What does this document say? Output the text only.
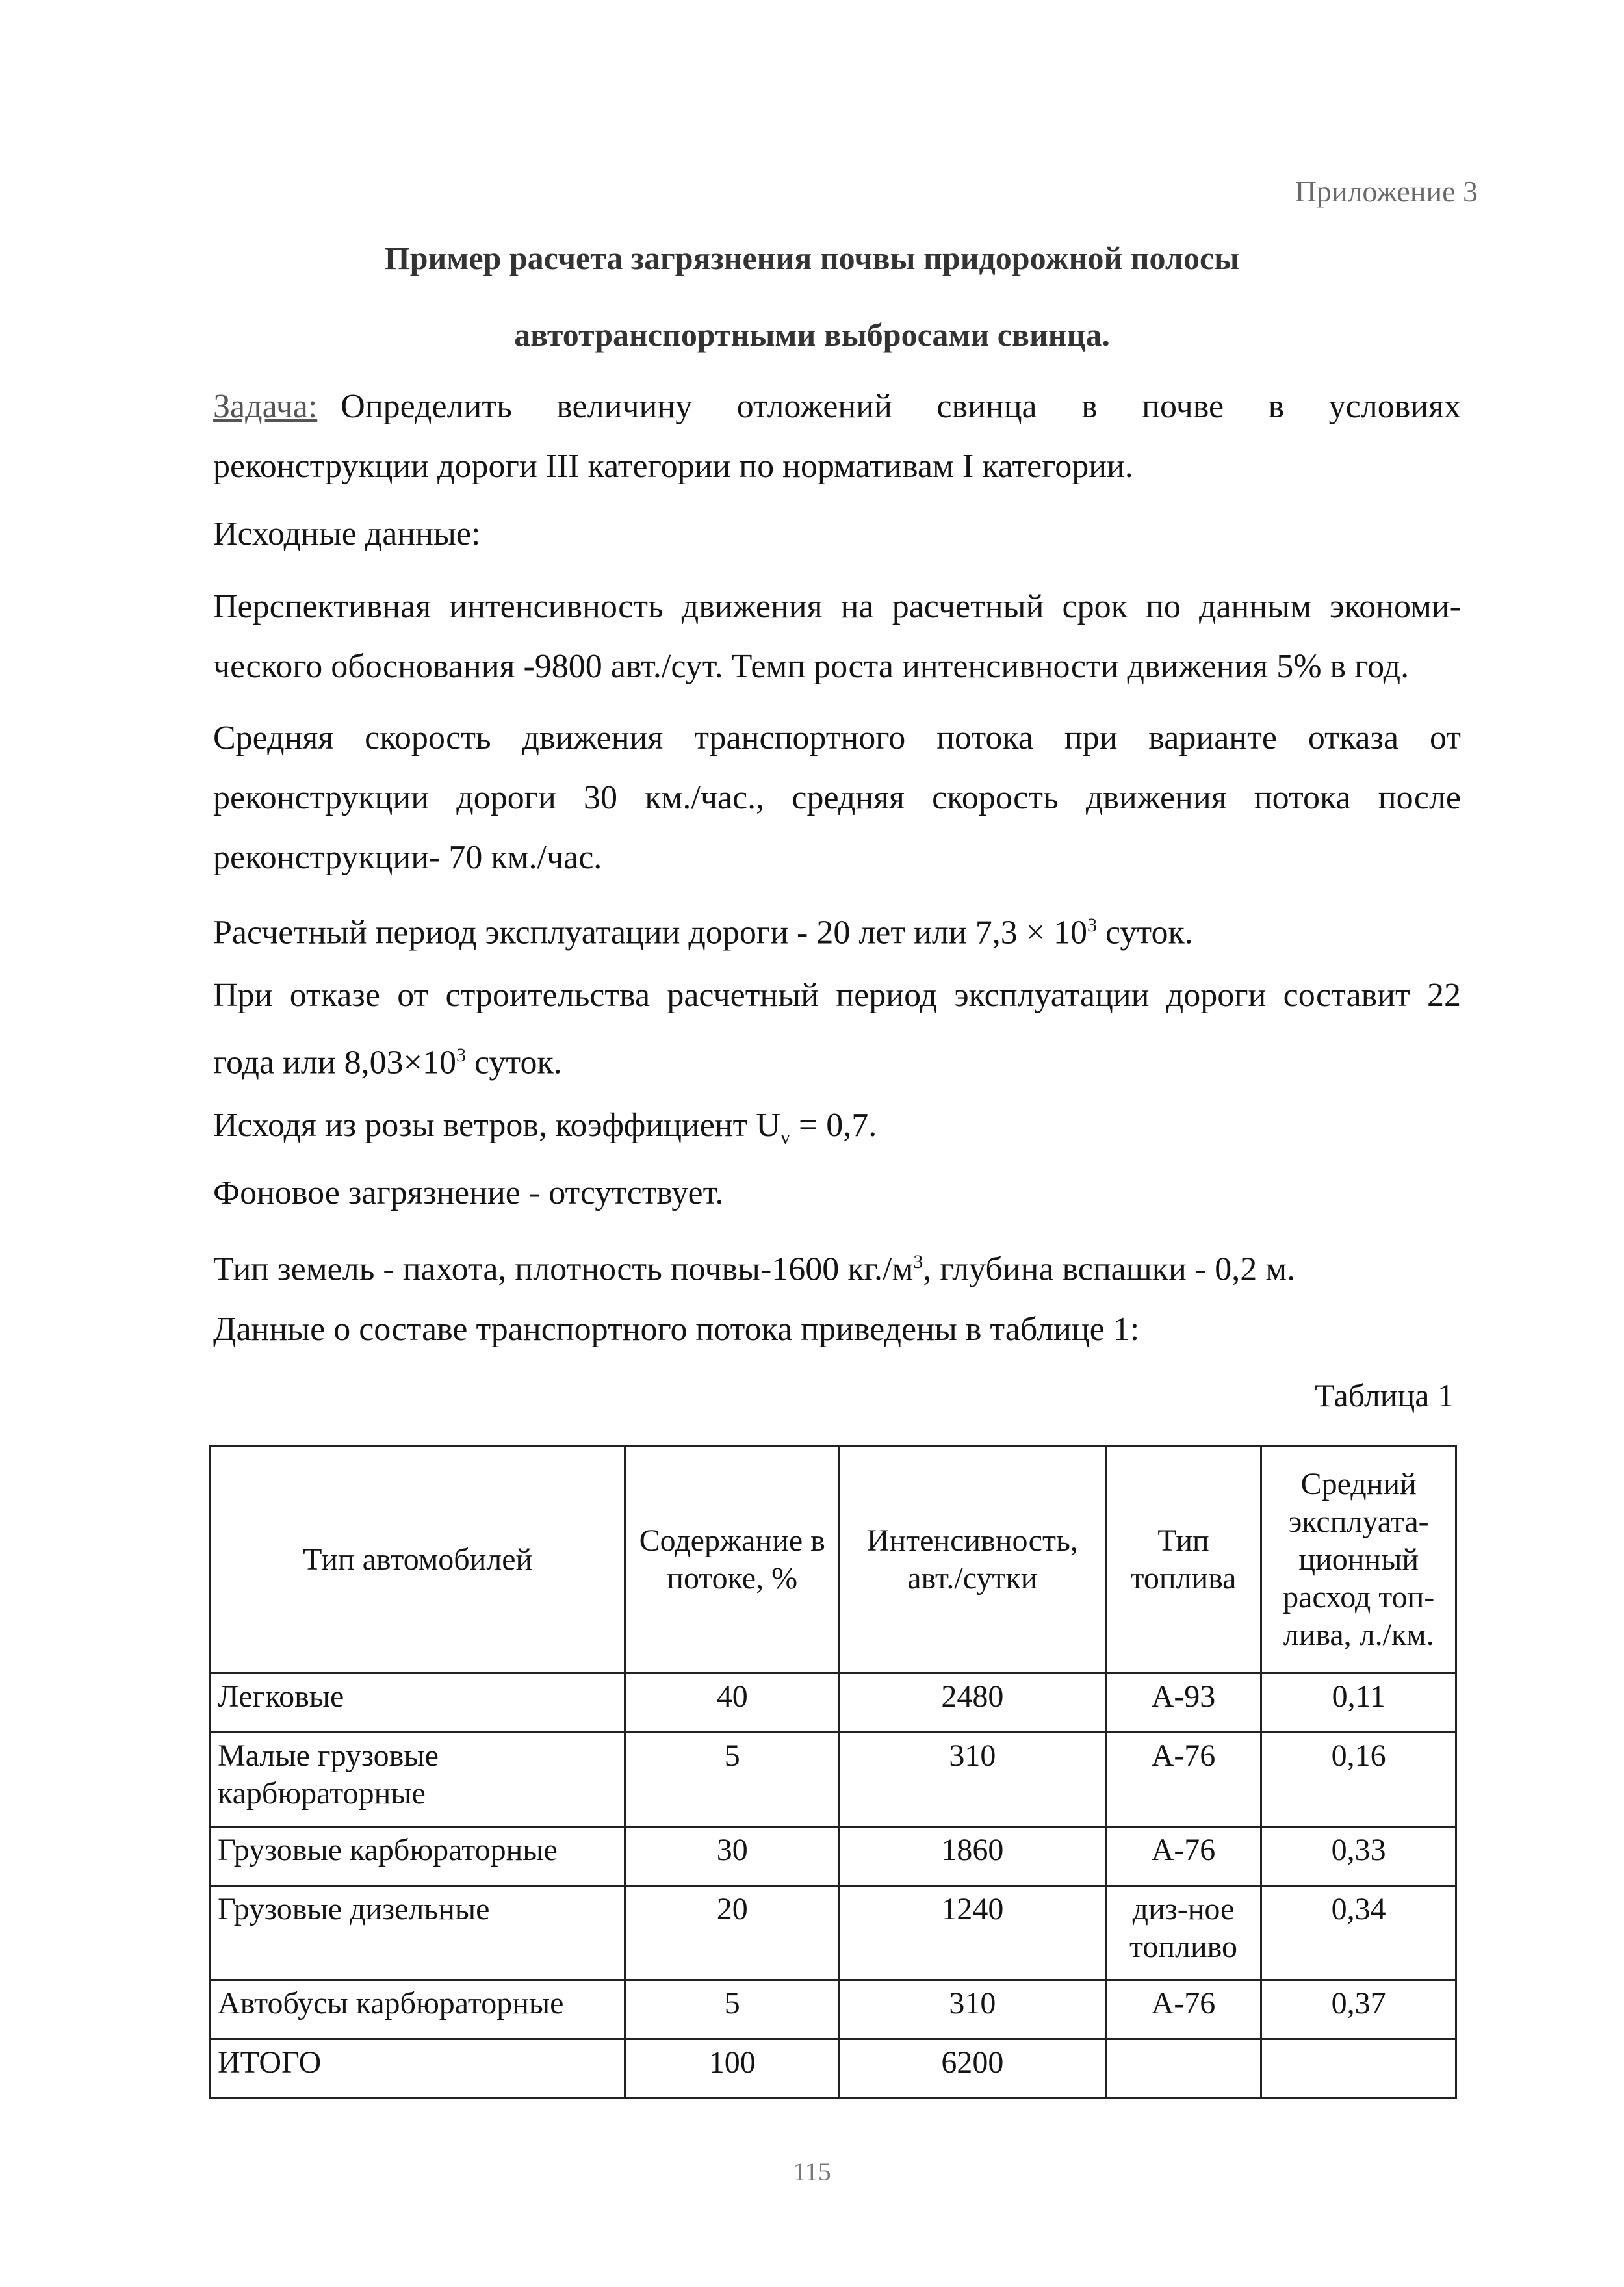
Приложение 3
Пример расчета загрязнения почвы придорожной полосы
автотранспортными выбросами свинца.
Задача: Определить величину отложений свинца в почве в условиях
реконструкции дороги III категории по нормативам I категории.
Исходные данные:
Перспективная интенсивность движения на расчетный срок по данным экономи-
ческого обоснования -9800 авт./сут. Темп роста интенсивности движения 5% в год.
Средняя скорость движения транспортного потока при варианте отказа от
реконструкции дороги 30 км./час., средняя скорость движения потока после
реконструкции- 70 км./час.
Расчетный период эксплуатации дороги - 20 лет или $7,3 \times 10^3$ суток.
При отказе от строительства расчетный период эксплуатации дороги составит 22
года или $8,03\times 10^3$ суток.
Исходя из розы ветров, коэффициент $U_v = 0,7$.
Фоновое загрязнение - отсутствует.
Тип земель - пахота, плотность почвы-1600 $кг./м^3$, глубина вспашки - 0,2 м.
Данные о составе транспортного потока приведены в таблице 1:
Таблица 1
Тип автомобилей	Содержание в потоке, %	Интенсивность, авт./сутки	Тип топлива	Средний эксплуата-ционный расход топ-лива, л./км.
Легковые	40	2480	А-93	0,11
Малые грузовые карбюраторные	5	310	А-76	0,16
Грузовые карбюраторные	30	1860	А-76	0,33
Грузовые дизельные	20	1240	диз-ное топливо	0,34
Автобусы карбюраторные	5	310	А-76	0,37
ИТОГО	100	6200		
115
